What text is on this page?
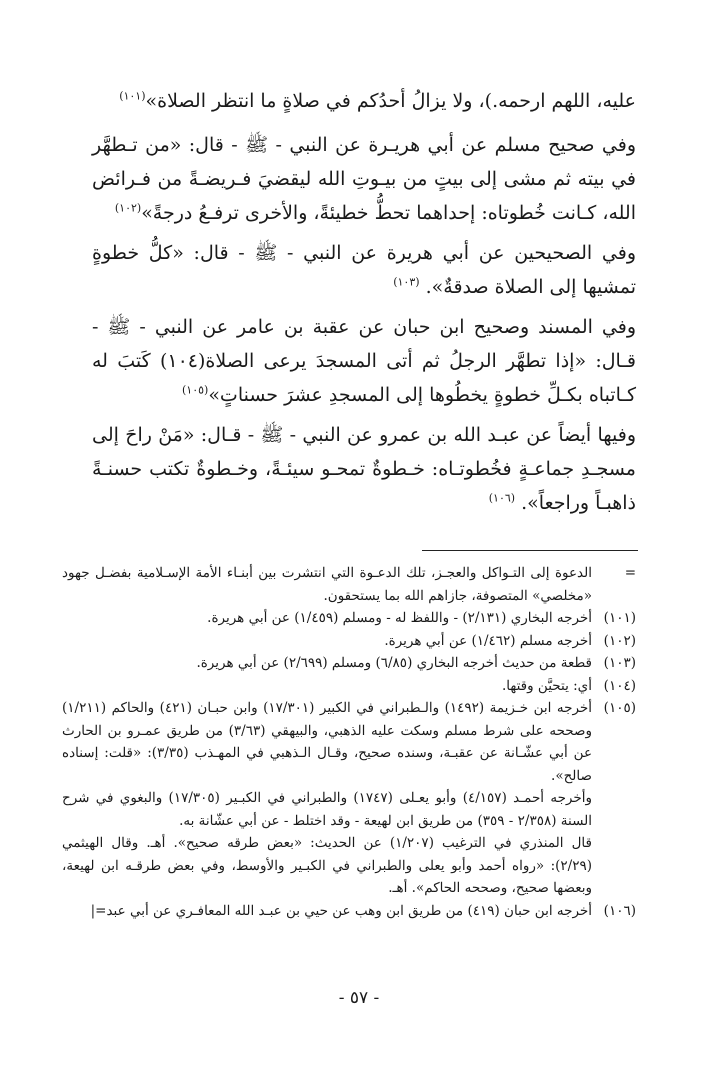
عليه، اللهم ارحمه.)، ولا يزالُ أحدُكم في صلاةٍ ما انتظر الصلاة»$^{(١٠١)}$

وفي صحيح مسلم عن أبي هريـرة عن النبي - ﷺ - قال: «من تـطهَّر في بيته ثم مشى إلى بيتٍ من بيـوتِ الله ليقضيَ فـريضـةً من فـرائض الله، كـانت خُطوتاه: إحداهما تحطُّ خطيئةً، والأخرى ترفـعُ درجةً»$^{(١٠٢)}$

وفي الصحيحين عن أبي هريرة عن النبي - ﷺ - قال: «كلُّ خطوةٍ تمشيها إلى الصلاة صدقةٌ». $^{(١٠٣)}$

وفي المسند وصحيح ابن حبان عن عقبة بن عامر عن النبي - ﷺ - قـال: «إذا تطهَّر الرجلُ ثم أتى المسجدَ يرعى الصلاة(١٠٤) كَتبَ له كـاتباه بكـلِّ خطوةٍ يخطُوها إلى المسجدِ عشرَ حسناتٍ»$^{(١٠٥)}$

وفيها أيضاً عن عبـد الله بن عمرو عن النبي - ﷺ - قـال: «مَنْ راحَ إلى مسجـدِ جماعـةٍ فخُطوتـاه: خـطوةٌ تمحـو سيئـةً، وخـطوةٌ تكتب حسنـةً ذاهبـاً وراجعاً». $^{(١٠٦)}$

=
الدعوة إلى التـواكل والعجـز، تلك الدعـوة التي انتشرت بين أبنـاء الأمة الإسـلامية بفضـل جهود «مخلصي» المتصوفة، جازاهم الله بما يستحقون.
(١٠١)
أخرجه البخاري (٢/١٣١) - واللفظ له - ومسلم (١/٤٥٩) عن أبي هريرة.
(١٠٢)
أخرجه مسلم (١/٤٦٢) عن أبي هريرة.
(١٠٣)
قطعة من حديث أخرجه البخاري (٦/٨٥) ومسلم (٢/٦٩٩) عن أبي هريرة.
(١٠٤)
أي: يتحيَّن وقتها.
(١٠٥)
أخرجه ابن خـزيمة (١٤٩٢) والـطبراني في الكبير (١٧/٣٠١) وابن حبـان (٤٢١) والحاكم (١/٢١١) وصححه على شرط مسلم وسكت عليه الذهبي، والبيهقي (٣/٦٣) من طريق عمـرو بن الحارث عن أبي عشّـانة عن عقبـة، وسنده صحيح، وقـال الـذهبي في المهـذب (٣/٣٥): «قلت: إسناده صالح».
وأخرجه أحمـد (٤/١٥٧) وأبو يعـلى (١٧٤٧) والطبراني في الكبـير (١٧/٣٠٥) والبغوي في شرح السنة (٢/٣٥٨ - ٣٥٩) من طريق ابن لهيعة - وقد اختلط - عن أبي عشّانة به.
قال المنذري في الترغيب (١/٢٠٧) عن الحديث: «بعض طرقه صحيح». أهـ. وقال الهيثمي (٢/٢٩): «رواه أحمد وأبو يعلى والطبراني في الكبـير والأوسط، وفي بعض طرقـه ابن لهيعة، وبعضها صحيح، وصححه الحاكم». أهـ.
(١٠٦)
أخرجه ابن حبان (٤١٩) من طريق ابن وهب عن حيي بن عبـد الله المعافـري عن أبي عبد=|
- ٥٧ -
